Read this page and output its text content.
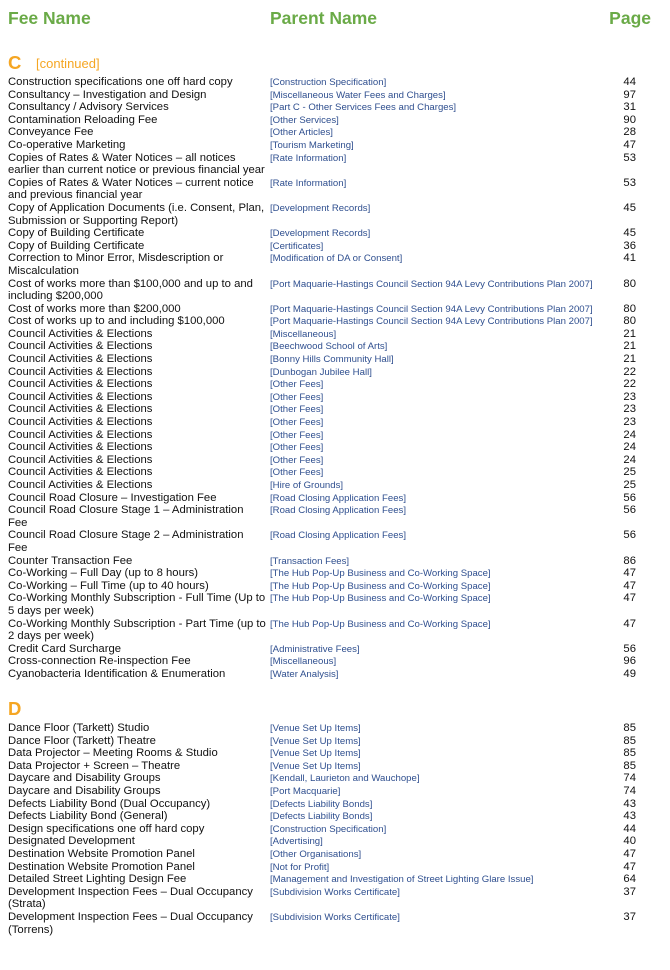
Fee Name	Parent Name	Page
C [continued]
Construction specifications one off hard copy	[Construction Specification]	44
Consultancy – Investigation and Design	[Miscellaneous Water Fees and Charges]	97
Consultancy / Advisory Services	[Part C - Other Services Fees and Charges]	31
Contamination Reloading Fee	[Other Services]	90
Conveyance Fee	[Other Articles]	28
Co-operative Marketing	[Tourism Marketing]	47
Copies of Rates & Water Notices – all notices earlier than current notice or previous financial year
[Rate Information]	53
Copies of Rates & Water Notices – current notice and previous financial year
[Rate Information]	53
Copy of Application Documents (i.e. Consent, Plan, Submission or Supporting Report)
[Development Records]	45
Copy of Building Certificate	[Development Records]	45
Copy of Building Certificate	[Certificates]	36
Correction to Minor Error, Misdescription or Miscalculation
[Modification of DA or Consent]	41
Cost of works more than $100,000 and up to and including $200,000
[Port Maquarie-Hastings Council Section 94A Levy Contributions Plan 2007]	80
Cost of works more than $200,000	[Port Maquarie-Hastings Council Section 94A Levy Contributions Plan 2007]	80
Cost of works up to and including $100,000	[Port Maquarie-Hastings Council Section 94A Levy Contributions Plan 2007]	80
Council Activities & Elections	[Miscellaneous]	21
Council Activities & Elections	[Beechwood School of Arts]	21
Council Activities & Elections	[Bonny Hills Community Hall]	21
Council Activities & Elections	[Dunbogan Jubilee Hall]	22
Council Activities & Elections	[Other Fees]	22
Council Activities & Elections	[Other Fees]	23
Council Activities & Elections	[Other Fees]	23
Council Activities & Elections	[Other Fees]	23
Council Activities & Elections	[Other Fees]	24
Council Activities & Elections	[Other Fees]	24
Council Activities & Elections	[Other Fees]	24
Council Activities & Elections	[Other Fees]	25
Council Activities & Elections	[Hire of Grounds]	25
Council Road Closure – Investigation Fee	[Road Closing Application Fees]	56
Council Road Closure Stage 1 – Administration Fee
[Road Closing Application Fees]	56
Council Road Closure Stage 2 – Administration Fee
[Road Closing Application Fees]	56
Counter Transaction Fee	[Transaction Fees]	86
Co-Working – Full Day (up to 8 hours)	[The Hub Pop-Up Business and Co-Working Space]	47
Co-Working – Full Time (up to 40 hours)	[The Hub Pop-Up Business and Co-Working Space]	47
Co-Working Monthly Subscription - Full Time (Up to 5 days per week)
[The Hub Pop-Up Business and Co-Working Space]	47
Co-Working Monthly Subscription - Part Time (up to 2 days per week)
[The Hub Pop-Up Business and Co-Working Space]	47
Credit Card Surcharge	[Administrative Fees]	56
Cross-connection Re-inspection Fee	[Miscellaneous]	96
Cyanobacteria Identification & Enumeration	[Water Analysis]	49
D
Dance Floor (Tarkett) Studio	[Venue Set Up Items]	85
Dance Floor (Tarkett) Theatre	[Venue Set Up Items]	85
Data Projector – Meeting Rooms & Studio	[Venue Set Up Items]	85
Data Projector + Screen – Theatre	[Venue Set Up Items]	85
Daycare and Disability Groups	[Kendall, Laurieton and Wauchope]	74
Daycare and Disability Groups	[Port Macquarie]	74
Defects Liability Bond (Dual Occupancy)	[Defects Liability Bonds]	43
Defects Liability Bond (General)	[Defects Liability Bonds]	43
Design specifications one off hard copy	[Construction Specification]	44
Designated Development	[Advertising]	40
Destination Website Promotion Panel	[Other Organisations]	47
Destination Website Promotion Panel	[Not for Profit]	47
Detailed Street Lighting Design Fee	[Management and Investigation of Street Lighting Glare Issue]	64
Development Inspection Fees – Dual Occupancy (Strata)
[Subdivision Works Certificate]	37
Development Inspection Fees – Dual Occupancy (Torrens)
[Subdivision Works Certificate]	37
